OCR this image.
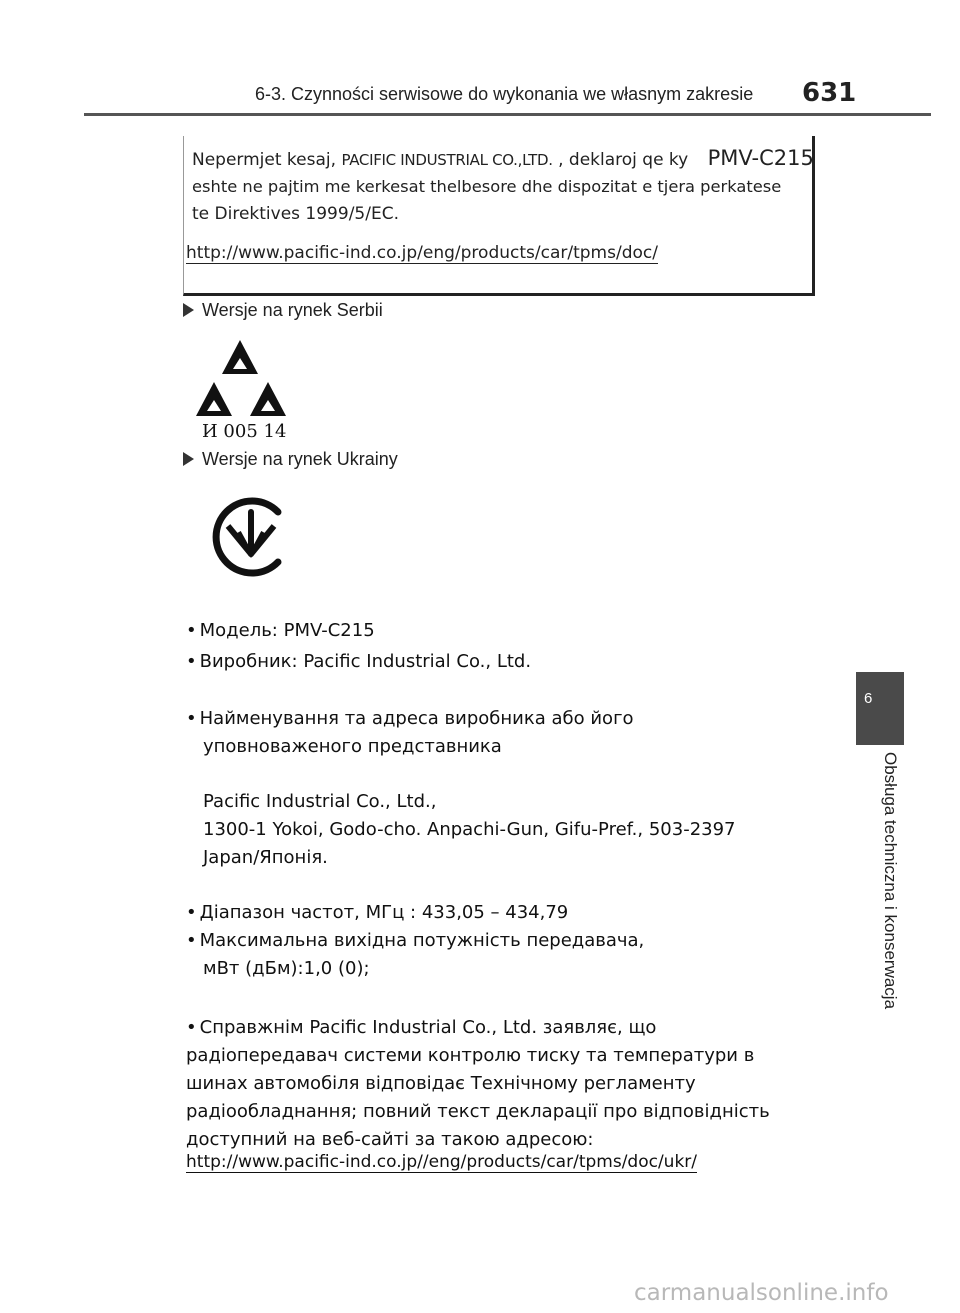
6-3. Czynności serwisowe do wykonania we własnym zakresie 631
Nepermjet kesaj, PACIFIC INDUSTRIAL CO.,LTD. , deklaroj qe ky PMV-C215
eshte ne pajtim me kerkesat thelbesore dhe dispozitat e tjera perkatese
te Direktives 1999/5/EC.
http://www.pacific-ind.co.jp/eng/products/car/tpms/doc/
Wersje na rynek Serbii
И 005 14
Wersje na rynek Ukrainy
• Модель: PMV-C215
• Виробник: Pacific Industrial Co., Ltd.
• Найменування та адреса виробника або його
уповноваженого представника
Pacific Industrial Co., Ltd.,
1300-1 Yokoi, Godo-cho. Anpachi-Gun, Gifu-Pref., 503-2397
Japan/Японія.
• Діапазон частот, МГц : 433,05 – 434,79
• Максимальна вихідна потужність передавача,
мВт (дБм):1,0 (0);
• Справжнім Pacific Industrial Co., Ltd. заявляє, що
радіопередавач системи контролю тиску та температури в
шинах автомобіля відповідає Технічному регламенту
радіообладнання; повний текст декларації про відповідність
доступний на веб-сайті за такою адресою:
http://www.pacific-ind.co.jp//eng/products/car/tpms/doc/ukr/
6
Obsługa techniczna i konserwacja
carmanualsonline.info
